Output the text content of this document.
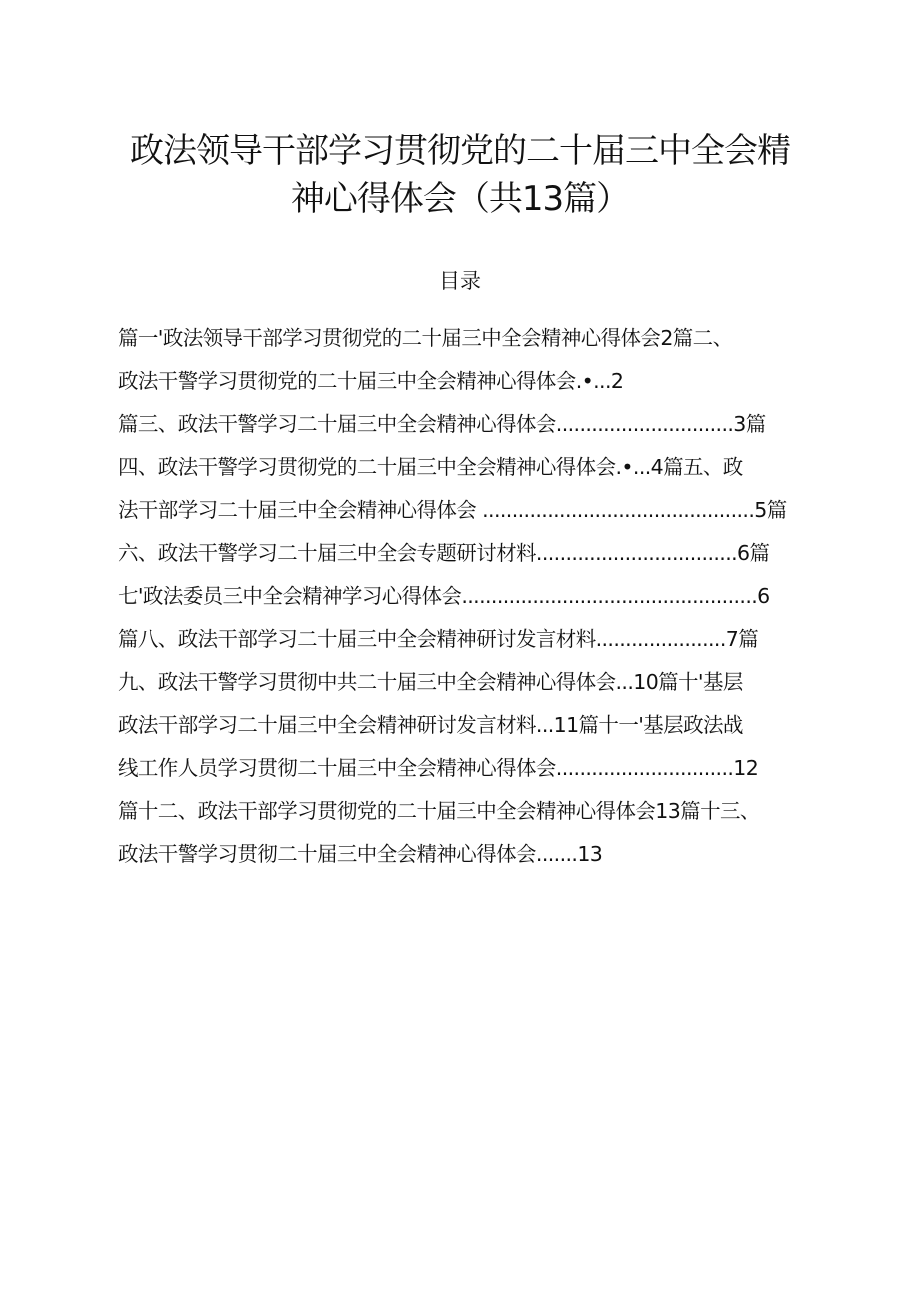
政法领导干部学习贯彻党的二十届三中全会精
神心得体会（共13篇）
目录
篇一'政法领导干部学习贯彻党的二十届三中全会精神心得体会2篇二、
政法干警学习贯彻党的二十届三中全会精神心得体会.•...2
篇三、政法干警学习二十届三中全会精神心得体会..............................3篇
四、政法干警学习贯彻党的二十届三中全会精神心得体会.•...4篇五、政
法干部学习二十届三中全会精神心得体会 ..............................................5篇
六、政法干警学习二十届三中全会专题研讨材料..................................6篇
七'政法委员三中全会精神学习心得体会..................................................6
篇八、政法干部学习二十届三中全会精神研讨发言材料......................7篇
九、政法干警学习贯彻中共二十届三中全会精神心得体会...10篇十'基层
政法干部学习二十届三中全会精神研讨发言材料...11篇十一'基层政法战
线工作人员学习贯彻二十届三中全会精神心得体会..............................12
篇十二、政法干部学习贯彻党的二十届三中全会精神心得体会13篇十三、
政法干警学习贯彻二十届三中全会精神心得体会.......13
